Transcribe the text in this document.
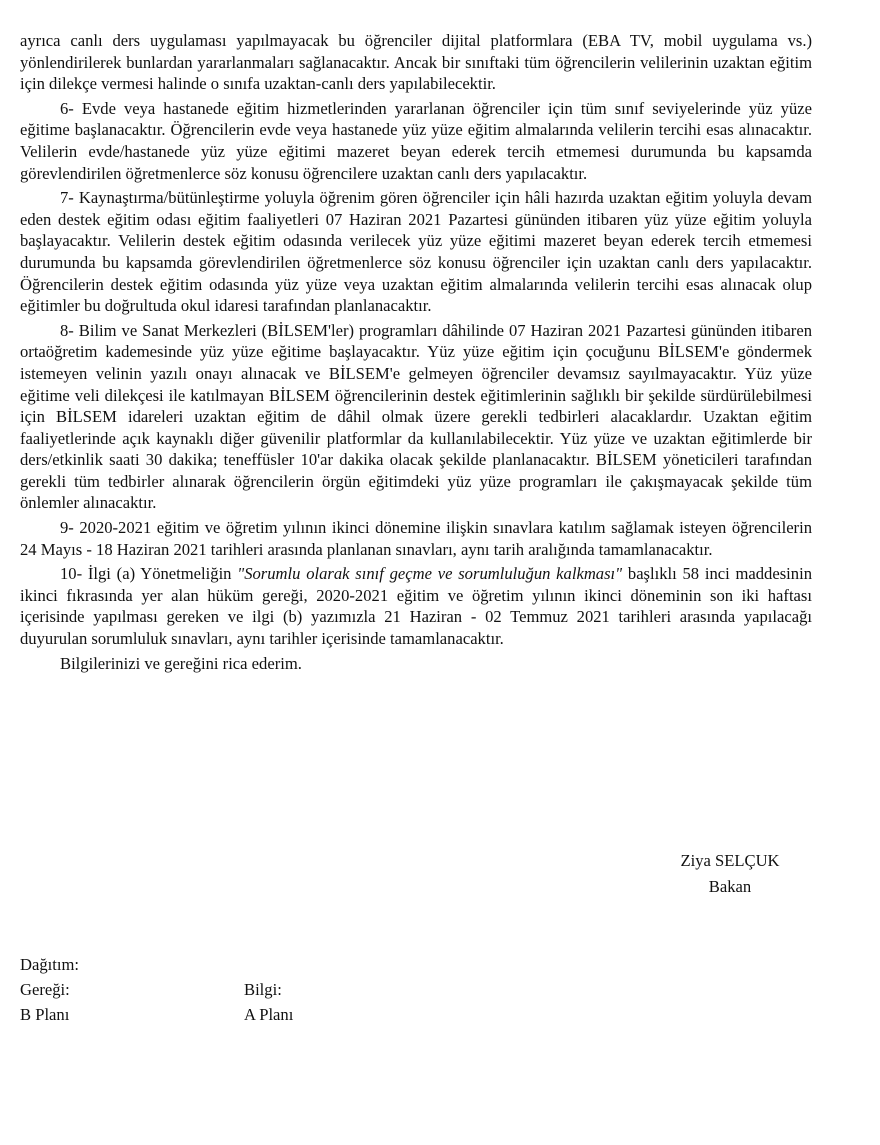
ayrıca canlı ders uygulaması yapılmayacak bu öğrenciler dijital platformlara (EBA TV, mobil uygulama vs.) yönlendirilerek bunlardan yararlanmaları sağlanacaktır. Ancak bir sınıftaki tüm öğrencilerin velilerinin uzaktan eğitim için dilekçe vermesi halinde o sınıfa uzaktan-canlı ders yapılabilecektir.

6- Evde veya hastanede eğitim hizmetlerinden yararlanan öğrenciler için tüm sınıf seviyelerinde yüz yüze eğitime başlanacaktır. Öğrencilerin evde veya hastanede yüz yüze eğitim almalarında velilerin tercihi esas alınacaktır. Velilerin evde/hastanede yüz yüze eğitimi mazeret beyan ederek tercih etmemesi durumunda bu kapsamda görevlendirilen öğretmenlerce söz konusu öğrencilere uzaktan canlı ders yapılacaktır.

7- Kaynaştırma/bütünleştirme yoluyla öğrenim gören öğrenciler için hâli hazırda uzaktan eğitim yoluyla devam eden destek eğitim odası eğitim faaliyetleri 07 Haziran 2021 Pazartesi gününden itibaren yüz yüze eğitim yoluyla başlayacaktır. Velilerin destek eğitim odasında verilecek yüz yüze eğitimi mazeret beyan ederek tercih etmemesi durumunda bu kapsamda görevlendirilen öğretmenlerce söz konusu öğrenciler için uzaktan canlı ders yapılacaktır. Öğrencilerin destek eğitim odasında yüz yüze veya uzaktan eğitim almalarında velilerin tercihi esas alınacak olup eğitimler bu doğrultuda okul idaresi tarafından planlanacaktır.

8- Bilim ve Sanat Merkezleri (BİLSEM'ler) programları dâhilinde 07 Haziran 2021 Pazartesi gününden itibaren ortaöğretim kademesinde yüz yüze eğitime başlayacaktır. Yüz yüze eğitim için çocuğunu BİLSEM'e göndermek istemeyen velinin yazılı onayı alınacak ve BİLSEM'e gelmeyen öğrenciler devamsız sayılmayacaktır. Yüz yüze eğitime veli dilekçesi ile katılmayan BİLSEM öğrencilerinin destek eğitimlerinin sağlıklı bir şekilde sürdürülebilmesi için BİLSEM idareleri uzaktan eğitim de dâhil olmak üzere gerekli tedbirleri alacaklardır. Uzaktan eğitim faaliyetlerinde açık kaynaklı diğer güvenilir platformlar da kullanılabilecektir. Yüz yüze ve uzaktan eğitimlerde bir ders/etkinlik saati 30 dakika; teneffüsler 10'ar dakika olacak şekilde planlanacaktır. BİLSEM yöneticileri tarafından gerekli tüm tedbirler alınarak öğrencilerin örgün eğitimdeki yüz yüze programları ile çakışmayacak şekilde tüm önlemler alınacaktır.

9- 2020-2021 eğitim ve öğretim yılının ikinci dönemine ilişkin sınavlara katılım sağlamak isteyen öğrencilerin 24 Mayıs - 18 Haziran 2021 tarihleri arasında planlanan sınavları, aynı tarih aralığında tamamlanacaktır.

10- İlgi (a) Yönetmeliğin "Sorumlu olarak sınıf geçme ve sorumluluğun kalkması" başlıklı 58 inci maddesinin ikinci fıkrasında yer alan hüküm gereği, 2020-2021 eğitim ve öğretim yılının ikinci döneminin son iki haftası içerisinde yapılması gereken ve ilgi (b) yazımızla 21 Haziran - 02 Temmuz 2021 tarihleri arasında yapılacağı duyurulan sorumluluk sınavları, aynı tarihler içerisinde tamamlanacaktır.

Bilgilerinizi ve gereğini rica ederim.

Ziya SELÇUK
Bakan
Dağıtım:
Gereği:	Bilgi:
B Planı	A Planı
